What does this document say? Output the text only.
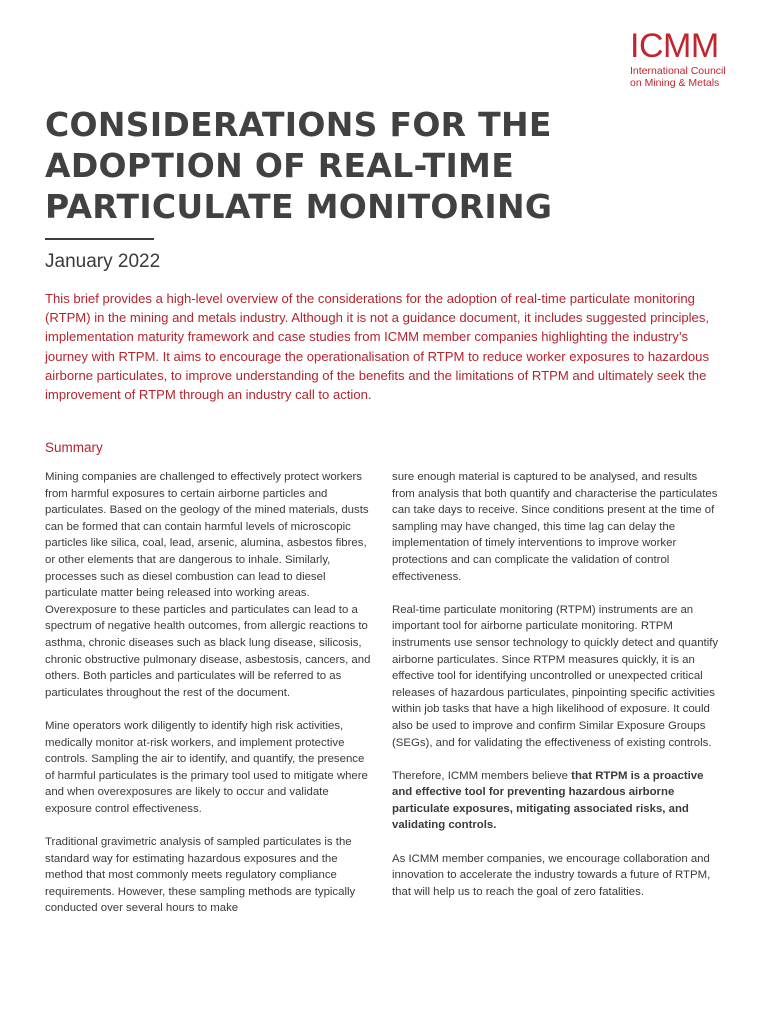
ICMM
International Council
on Mining & Metals
CONSIDERATIONS FOR THE
ADOPTION OF REAL-TIME
PARTICULATE MONITORING
January 2022

This brief provides a high-level overview of the considerations for the adoption of real-time particulate monitoring (RTPM) in the mining and metals industry. Although it is not a guidance document, it includes suggested principles, implementation maturity framework and case studies from ICMM member companies highlighting the industry’s journey with RTPM. It aims to encourage the operationalisation of RTPM to reduce worker exposures to hazardous airborne particulates, to improve understanding of the benefits and the limitations of RTPM and ultimately seek the improvement of RTPM through an industry call to action.

Summary

Mining companies are challenged to effectively protect workers from harmful exposures to certain airborne particles and particulates. Based on the geology of the mined materials, dusts can be formed that can contain harmful levels of microscopic particles like silica, coal, lead, arsenic, alumina, asbestos fibres, or other elements that are dangerous to inhale. Similarly, processes such as diesel combustion can lead to diesel particulate matter being released into working areas. Overexposure to these particles and particulates can lead to a spectrum of negative health outcomes, from allergic reactions to asthma, chronic diseases such as black lung disease, silicosis, chronic obstructive pulmonary disease, asbestosis, cancers, and others. Both particles and particulates will be referred to as particulates throughout the rest of the document.

Mine operators work diligently to identify high risk activities, medically monitor at-risk workers, and implement protective controls. Sampling the air to identify, and quantify, the presence of harmful particulates is the primary tool used to mitigate where and when overexposures are likely to occur and validate exposure control effectiveness.

Traditional gravimetric analysis of sampled particulates is the standard way for estimating hazardous exposures and the method that most commonly meets regulatory compliance requirements. However, these sampling methods are typically conducted over several hours to make

sure enough material is captured to be analysed, and results from analysis that both quantify and characterise the particulates can take days to receive. Since conditions present at the time of sampling may have changed, this time lag can delay the implementation of timely interventions to improve worker protections and can complicate the validation of control effectiveness.

Real-time particulate monitoring (RTPM) instruments are an important tool for airborne particulate monitoring. RTPM instruments use sensor technology to quickly detect and quantify airborne particulates. Since RTPM measures quickly, it is an effective tool for identifying uncontrolled or unexpected critical releases of hazardous particulates, pinpointing specific activities within job tasks that have a high likelihood of exposure. It could also be used to improve and confirm Similar Exposure Groups (SEGs), and for validating the effectiveness of existing controls.

Therefore, ICMM members believe that RTPM is a proactive and effective tool for preventing hazardous airborne particulate exposures, mitigating associated risks, and validating controls.

As ICMM member companies, we encourage collaboration and innovation to accelerate the industry towards a future of RTPM, that will help us to reach the goal of zero fatalities.
